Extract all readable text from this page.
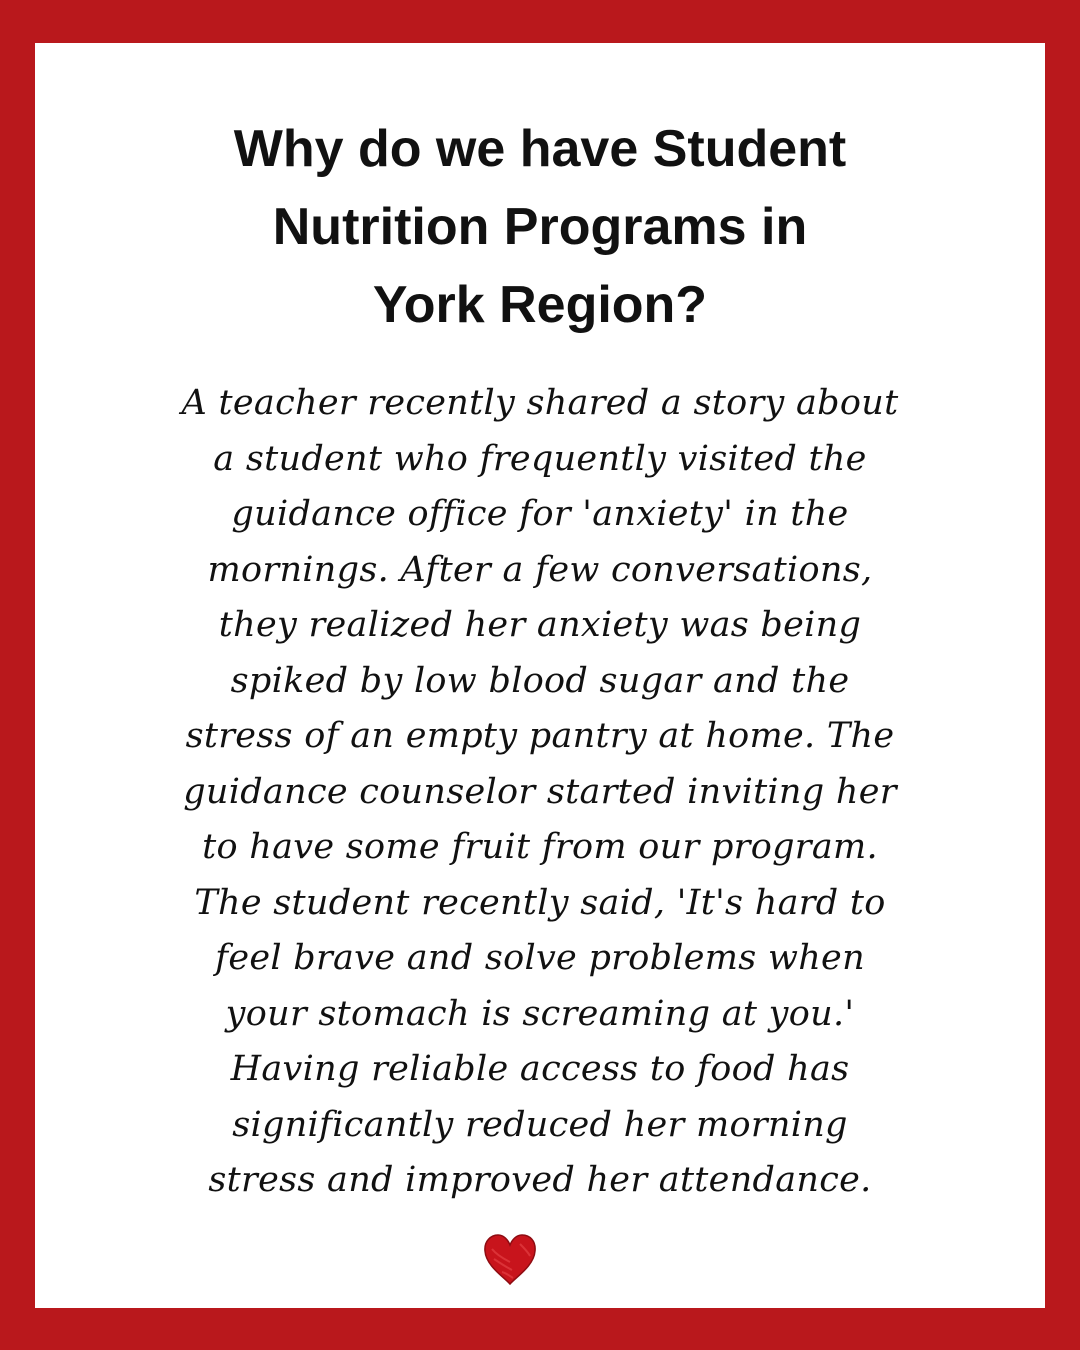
Why do we have Student
Nutrition Programs in
York Region?
A teacher recently shared a story about
a student who frequently visited the
guidance office for 'anxiety' in the
mornings. After a few conversations,
they realized her anxiety was being
spiked by low blood sugar and the
stress of an empty pantry at home. The
guidance counselor started inviting her
to have some fruit from our program.
The student recently said, 'It's hard to
feel brave and solve problems when
your stomach is screaming at you.'
Having reliable access to food has
significantly reduced her morning
stress and improved her attendance.
